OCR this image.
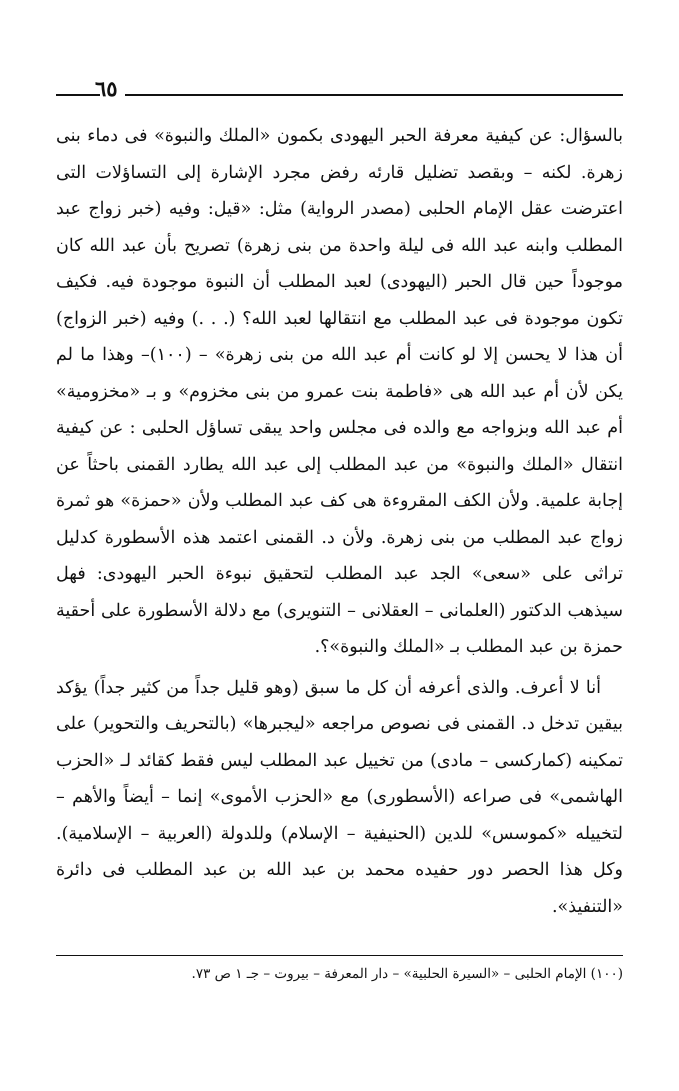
٦٥

بالسؤال: عن كيفية معرفة الحبر اليهودى بكمون «الملك والنبوة» فى دماء بنى زهرة. لكنه – وبقصد تضليل قارئه رفض مجرد الإشارة إلى التساؤلات التى اعترضت عقل الإمام الحلبى (مصدر الرواية) مثل: «قيل: وفيه (خبر زواج عبد المطلب وابنه عبد الله فى ليلة واحدة من بنى زهرة) تصريح بأن عبد الله كان موجوداً حين قال الحبر (اليهودى) لعبد المطلب أن النبوة موجودة فيه. فكيف تكون موجودة فى عبد المطلب مع انتقالها لعبد الله؟ (. . .) وفيه (خبر الزواج) أن هذا لا يحسن إلا لو كانت أم عبد الله من بنى زهرة» – (١٠٠)– وهذا ما لم يكن لأن أم عبد الله هى «فاطمة بنت عمرو من بنى مخزوم» و بـ «مخزومية» أم عبد الله وبزواجه مع والده فى مجلس واحد يبقى تساؤل الحلبى : عن كيفية انتقال «الملك والنبوة» من عبد المطلب إلى عبد الله يطارد القمنى باحثاً عن إجابة علمية. ولأن الكف المقروءة هى كف عبد المطلب ولأن «حمزة» هو ثمرة زواج عبد المطلب من بنى زهرة. ولأن د. القمنى اعتمد هذه الأسطورة كدليل تراثى على «سعى» الجد عبد المطلب لتحقيق نبوءة الحبر اليهودى: فهل سيذهب الدكتور (العلمانى – العقلانى – التنويرى) مع دلالة الأسطورة على أحقية حمزة بن عبد المطلب بـ «الملك والنبوة»؟.

أنا لا أعرف. والذى أعرفه أن كل ما سبق (وهو قليل جداً من كثير جداً) يؤكد بيقين تدخل د. القمنى فى نصوص مراجعه «ليجبرها» (بالتحريف والتحوير) على تمكينه (كماركسى – مادى) من تخييل عبد المطلب ليس فقط كقائد لـ «الحزب الهاشمى» فى صراعه (الأسطورى) مع «الحزب الأموى» إنما – أيضاً والأهم – لتخييله «كموسس» للدين (الحنيفية – الإسلام) وللدولة (العربية – الإسلامية). وكل هذا الحصر دور حفيده محمد بن عبد الله بن عبد المطلب فى دائرة «التنفيذ».

(١٠٠) الإمام الحلبى – «السيرة الحلبية» – دار المعرفة – بيروت – جـ ١ ص ٧٣.
